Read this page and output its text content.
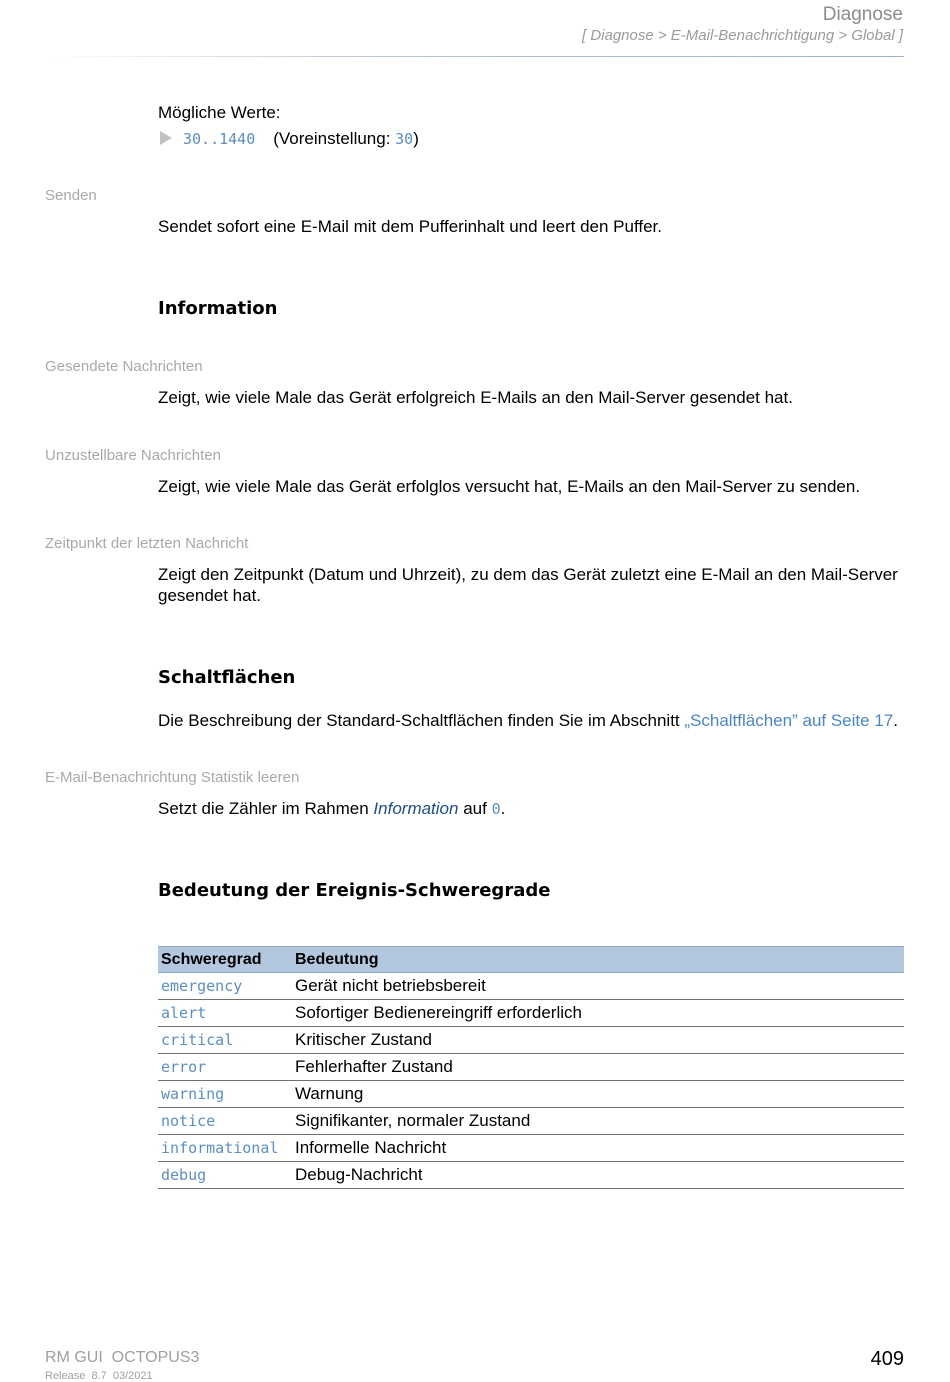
Diagnose
[ Diagnose > E-Mail-Benachrichtigung > Global ]
Mögliche Werte:
30..1440 (Voreinstellung: 30)
Senden
Sendet sofort eine E-Mail mit dem Pufferinhalt und leert den Puffer.
Information
Gesendete Nachrichten
Zeigt, wie viele Male das Gerät erfolgreich E-Mails an den Mail-Server gesendet hat.
Unzustellbare Nachrichten
Zeigt, wie viele Male das Gerät erfolglos versucht hat, E-Mails an den Mail-Server zu senden.
Zeitpunkt der letzten Nachricht
Zeigt den Zeitpunkt (Datum und Uhrzeit), zu dem das Gerät zuletzt eine E-Mail an den Mail-Server
gesendet hat.
Schaltflächen
Die Beschreibung der Standard-Schaltflächen finden Sie im Abschnitt „Schaltflächen” auf Seite 17.
E-Mail-Benachrichtung Statistik leeren
Setzt die Zähler im Rahmen Information auf 0.
Bedeutung der Ereignis-Schweregrade
Schweregrad	Bedeutung
emergency	Gerät nicht betriebsbereit
alert	Sofortiger Bedienereingriff erforderlich
critical	Kritischer Zustand
error	Fehlerhafter Zustand
warning	Warnung
notice	Signifikanter, normaler Zustand
informational	Informelle Nachricht
debug	Debug-Nachricht
RM GUI  OCTOPUS3
Release  8.7  03/2021
409
